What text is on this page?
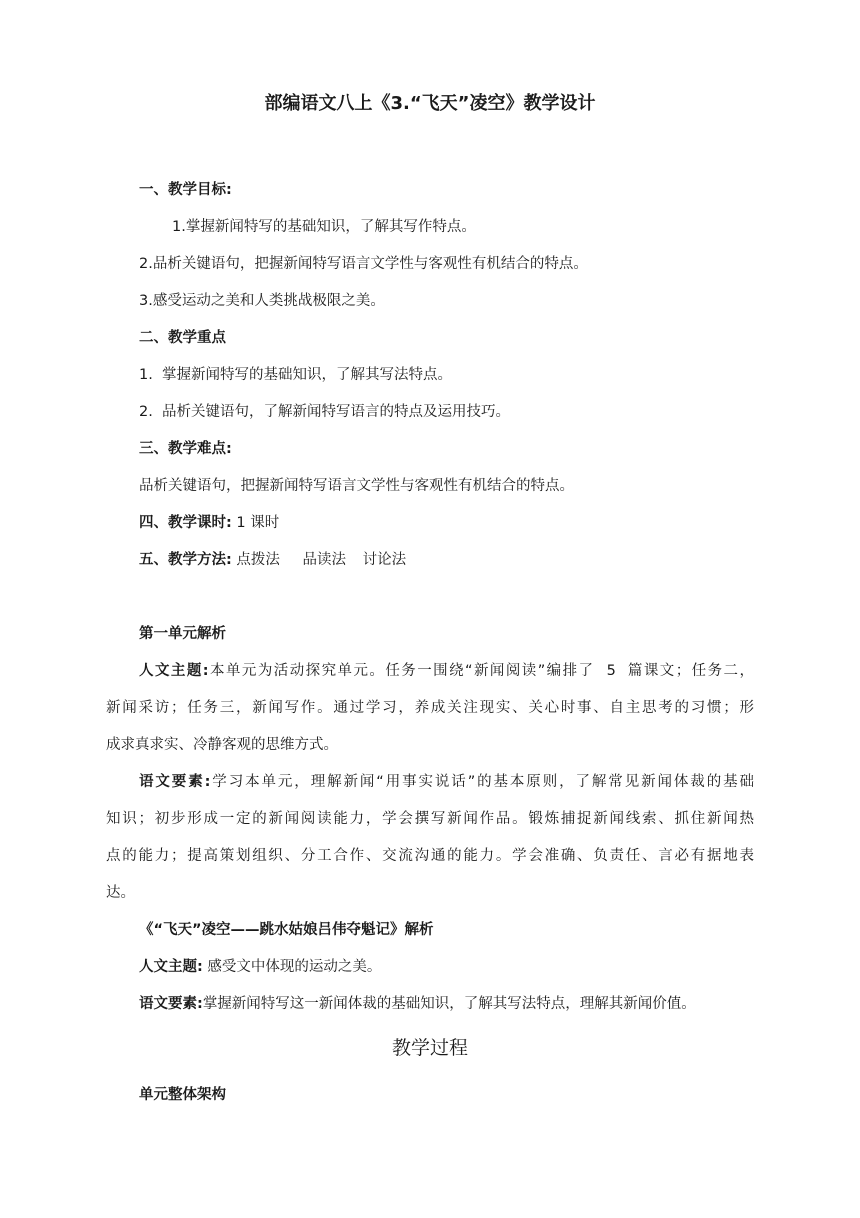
部编语文八上《3.“飞天”凌空》教学设计
一、教学目标:
1.掌握新闻特写的基础知识，了解其写作特点。
2.品析关键语句，把握新闻特写语言文学性与客观性有机结合的特点。
3.感受运动之美和人类挑战极限之美。
二、教学重点
1.  掌握新闻特写的基础知识，了解其写法特点。
2.  品析关键语句，了解新闻特写语言的特点及运用技巧。
三、教学难点:
品析关键语句，把握新闻特写语言文学性与客观性有机结合的特点。
四、教学课时: 1 课时
五、教学方法: 点拨法 品读法 讨论法
第一单元解析
人文主题:本单元为活动探究单元。任务一围绕“新闻阅读”编排了  5  篇课文；任务二，
新闻采访；任务三，新闻写作。通过学习，养成关注现实、关心时事、自主思考的习惯；形
成求真求实、冷静客观的思维方式。
语文要素:学习本单元，理解新闻“用事实说话”的基本原则，了解常见新闻体裁的基础
知识；初步形成一定的新闻阅读能力，学会撰写新闻作品。锻炼捕捉新闻线索、抓住新闻热
点的能力；提高策划组织、分工合作、交流沟通的能力。学会准确、负责任、言必有据地表
达。
《“飞天”凌空——跳水姑娘吕伟夺魁记》解析
人文主题: 感受文中体现的运动之美。
语文要素:掌握新闻特写这一新闻体裁的基础知识，了解其写法特点，理解其新闻价值。
教学过程
单元整体架构
